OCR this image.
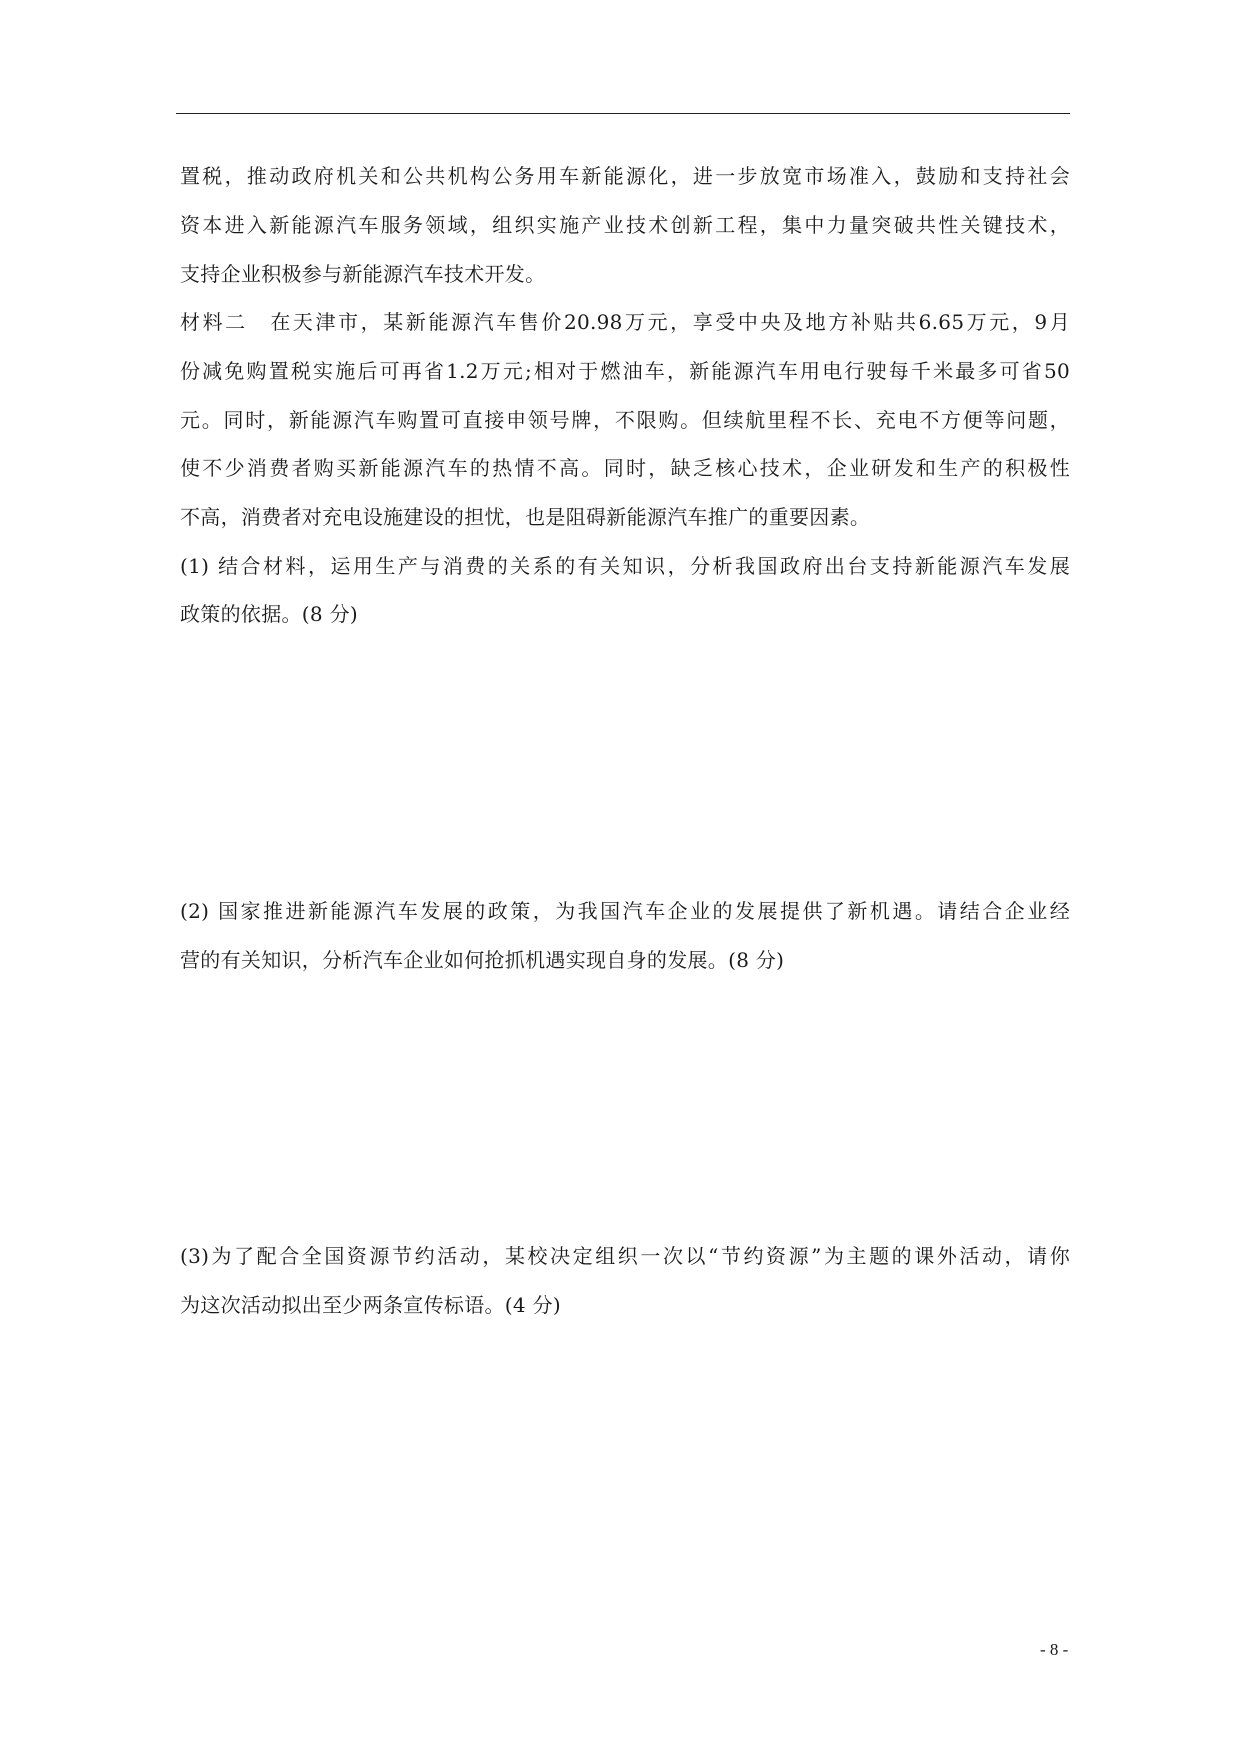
置税，推动政府机关和公共机构公务用车新能源化，进一步放宽市场准入，鼓励和支持社会
资本进入新能源汽车服务领域，组织实施产业技术创新工程，集中力量突破共性关键技术，
支持企业积极参与新能源汽车技术开发。
材料二　在天津市，某新能源汽车售价20.98万元，享受中央及地方补贴共6.65万元，9月
份减免购置税实施后可再省1.2万元;相对于燃油车，新能源汽车用电行驶每千米最多可省50
元。同时，新能源汽车购置可直接申领号牌，不限购。但续航里程不长、充电不方便等问题，
使不少消费者购买新能源汽车的热情不高。同时，缺乏核心技术，企业研发和生产的积极性
不高，消费者对充电设施建设的担忧，也是阻碍新能源汽车推广的重要因素。
(1) 结合材料，运用生产与消费的关系的有关知识，分析我国政府出台支持新能源汽车发展
政策的依据。(8 分)
(2) 国家推进新能源汽车发展的政策，为我国汽车企业的发展提供了新机遇。请结合企业经
营的有关知识，分析汽车企业如何抢抓机遇实现自身的发展。(8 分)
(3)为了配合全国资源节约活动，某校决定组织一次以“节约资源”为主题的课外活动，请你
为这次活动拟出至少两条宣传标语。(4 分)
- 8 -
